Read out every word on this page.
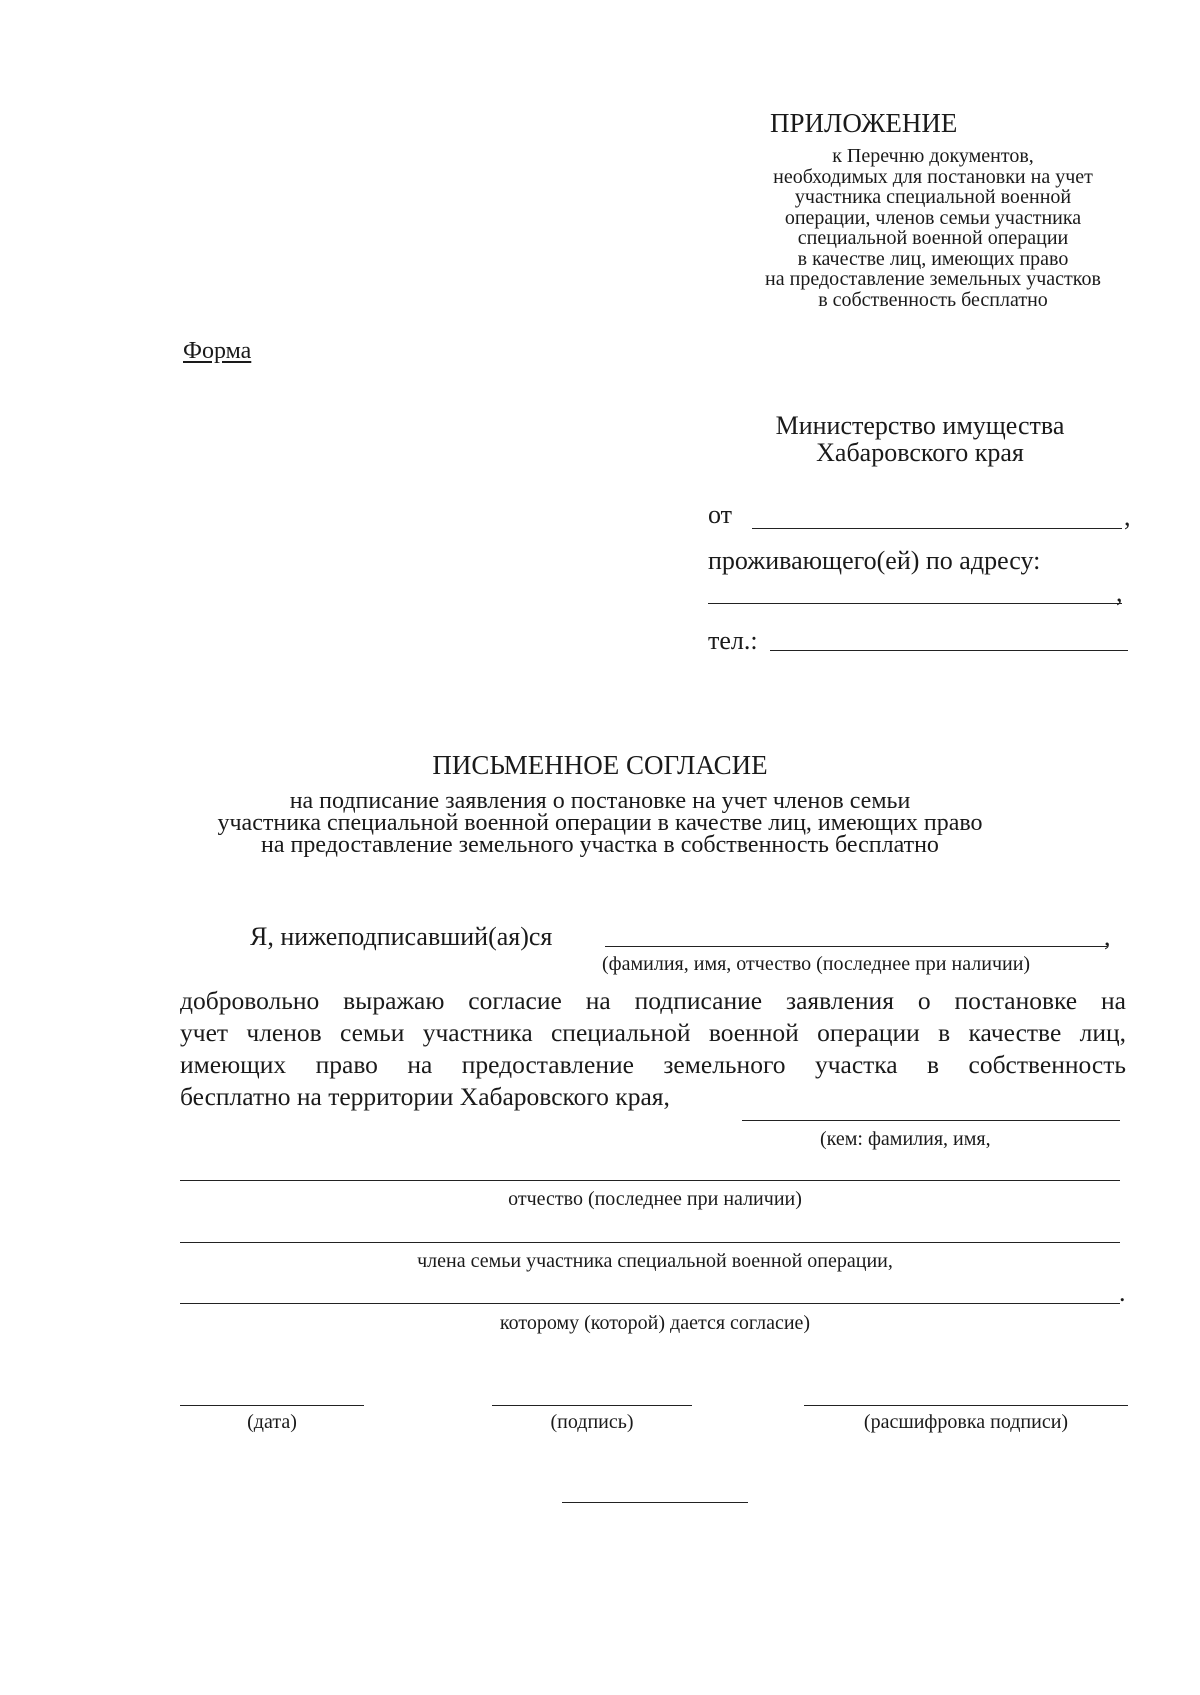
ПРИЛОЖЕНИЕ
к Перечню документов,
необходимых для постановки на учет
участника специальной военной
операции, членов семьи участника
специальной военной операции
в качестве лиц, имеющих право
на предоставление земельных участков
в собственность бесплатно
Форма
Министерство имущества
Хабаровского края
от	,
проживающего(ей) по адресу:
,
тел.:
ПИСЬМЕННОЕ СОГЛАСИЕ
на подписание заявления о постановке на учет членов семьи
участника специальной военной операции в качестве лиц, имеющих право
на предоставление земельного участка в собственность бесплатно
Я, нижеподписавший(ая)ся	,
(фамилия, имя, отчество (последнее при наличии)
добровольно выражаю согласие на подписание заявления о постановке на
учет членов семьи участника специальной военной операции в качестве лиц,
имеющих право на предоставление земельного участка в собственность
бесплатно на территории Хабаровского края,
(кем: фамилия, имя,
отчество (последнее при наличии)
члена семьи участника специальной военной операции,
.
которому (которой) дается согласие)
(дата)	(подпись)	(расшифровка подписи)
